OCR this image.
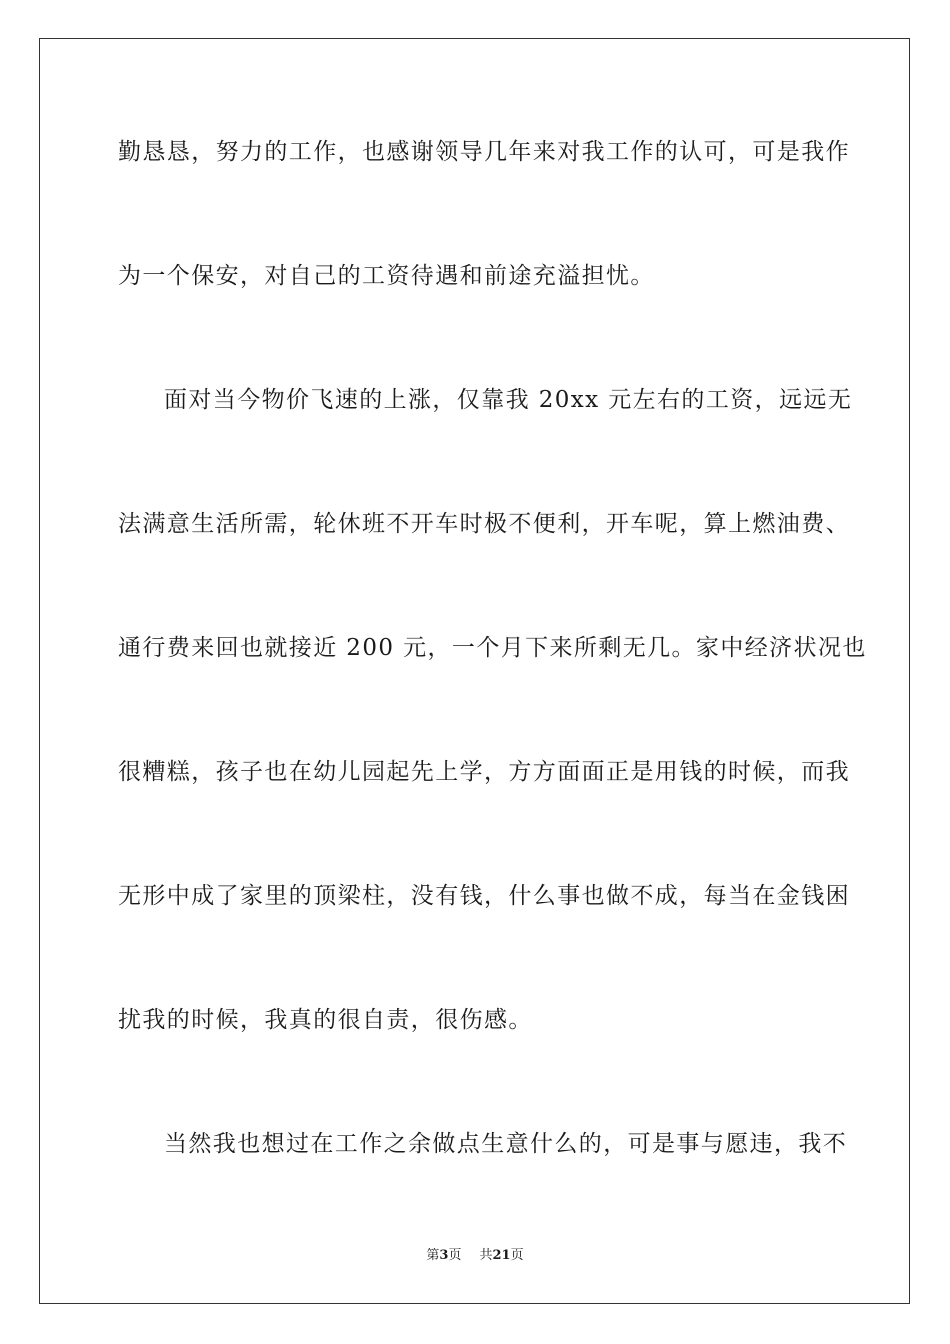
勤恳恳，努力的工作，也感谢领导几年来对我工作的认可，可是我作
为一个保安，对自己的工资待遇和前途充溢担忧。
面对当今物价飞速的上涨，仅靠我 20xx 元左右的工资，远远无
法满意生活所需，轮休班不开车时极不便利，开车呢，算上燃油费、
通行费来回也就接近 200 元，一个月下来所剩无几。家中经济状况也
很糟糕，孩子也在幼儿园起先上学，方方面面正是用钱的时候，而我
无形中成了家里的顶梁柱，没有钱，什么事也做不成，每当在金钱困
扰我的时候，我真的很自责，很伤感。
当然我也想过在工作之余做点生意什么的，可是事与愿违，我不
第3页 共21页
